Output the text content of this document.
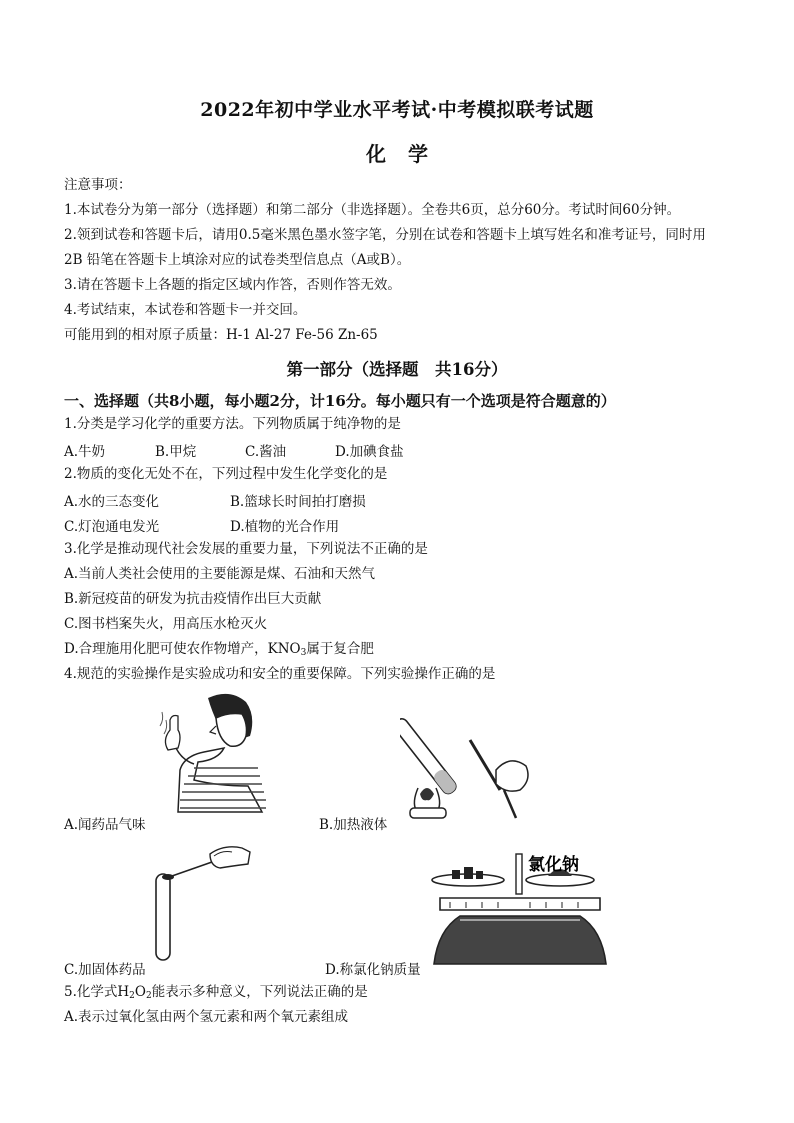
2022年初中学业水平考试·中考模拟联考试题
化学
注意事项：
1.本试卷分为第一部分（选择题）和第二部分（非选择题）。全卷共6页，总分60分。考试时间60分钟。
2.领到试卷和答题卡后，请用0.5毫米黑色墨水签字笔，分别在试卷和答题卡上填写姓名和准考证号，同时用
2B 铅笔在答题卡上填涂对应的试卷类型信息点（A或B）。
3.请在答题卡上各题的指定区域内作答，否则作答无效。
4.考试结束，本试卷和答题卡一并交回。
可能用到的相对原子质量：H-1 Al-27 Fe-56 Zn-65
第一部分（选择题　共16分）
一、选择题（共8小题，每小题2分，计16分。每小题只有一个选项是符合题意的）
1.分类是学习化学的重要方法。下列物质属于纯净物的是
A.牛奶	B.甲烷	C.酱油	D.加碘食盐
2.物质的变化无处不在，下列过程中发生化学变化的是
A.水的三态变化	B.篮球长时间拍打磨损
C.灯泡通电发光	D.植物的光合作用
3.化学是推动现代社会发展的重要力量，下列说法不正确的是
A.当前人类社会使用的主要能源是煤、石油和天然气
B.新冠疫苗的研发为抗击疫情作出巨大贡献
C.图书档案失火，用高压水枪灭火
D.合理施用化肥可使农作物增产，$KNO_3$属于复合肥
4.规范的实验操作是实验成功和安全的重要保障。下列实验操作正确的是
A.闻药品气味	B.加热液体
C.加固体药品
氯化钠
D.称氯化钠质量
5.化学式$H_2O_2$能表示多种意义，下列说法正确的是
A.表示过氧化氢由两个氢元素和两个氧元素组成
